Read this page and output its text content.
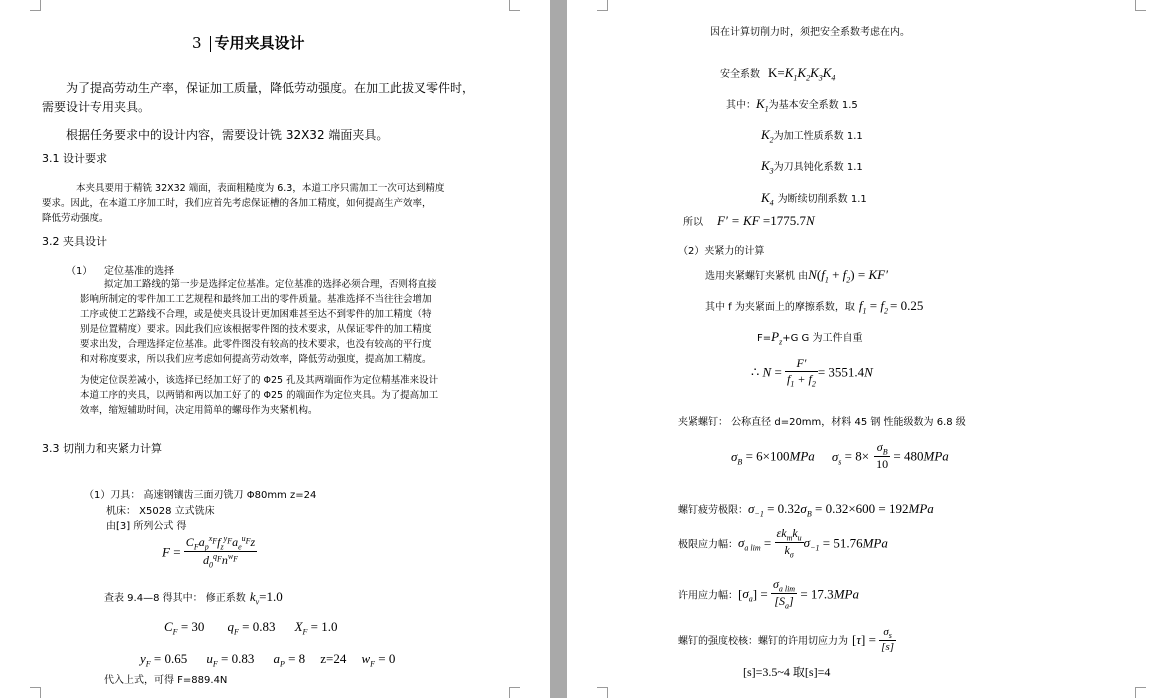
3 专用夹具设计
为了提高劳动生产率，保证加工质量，降低劳动强度。在加工此拔叉零件时，
需要设计专用夹具。
根据任务要求中的设计内容，需要设计铣 32X32 端面夹具。
3.1 设计要求
本夹具要用于精铣 32X32 端面，表面粗糙度为 6.3，本道工序只需加工一次可达到精度
要求。因此，在本道工序加工时，我们应首先考虑保证槽的各加工精度，如何提高生产效率，
降低劳动强度。
3.2 夹具设计
（1） 定位基准的选择
拟定加工路线的第一步是选择定位基准。定位基准的选择必须合理，否则将直接
影响所制定的零件加工工艺规程和最终加工出的零件质量。基准选择不当往往会增加
工序或使工艺路线不合理，或是使夹具设计更加困难甚至达不到零件的加工精度（特
别是位置精度）要求。因此我们应该根据零件图的技术要求，从保证零件的加工精度
要求出发，合理选择定位基准。此零件图没有较高的技术要求，也没有较高的平行度
和对称度要求，所以我们应考虑如何提高劳动效率，降低劳动强度，提高加工精度。
为使定位误差减小，该选择已经加工好了的 Φ25 孔及其两端面作为定位精基准来设计
本道工序的夹具，以两销和两以加工好了的 Φ25 的端面作为定位夹具。为了提高加工
效率，缩短辅助时间，决定用简单的螺母作为夹紧机构。
3.3 切削力和夹紧力计算
（1）刀具： 高速钢镶齿三面刃铣刀 Φ80mm z=24
机床： X5028 立式铣床
由[3] 所列公式 得
$F = \frac{C_Fa_p^{x_F}f_z^{y_F}a_e^{u_F}z}{d_0^{q_F}n^{w_F}}$
查表 9.4—8 得其中： 修正系数 $k_v=1.0$
$C_F = 30$ $q_F = 0.83$ $X_F = 1.0$
$y_F = 0.65$ $u_F = 0.83$ $a_P = 8$ z=24 $w_F = 0$
代入上式，可得 F=889.4N
因在计算切削力时，须把安全系数考虑在内。
安全系数 $K=K_1K_2K_3K_4$
其中：$K_1$为基本安全系数 1.5
$K_2$为加工性质系数 1.1
$K_3$为刀具钝化系数 1.1
$K_4$ 为断续切削系数 1.1
所以 F′ = KF =1775.7N
（2）夹紧力的计算
选用夹紧螺钉夹紧机 由$N(f_1 + f_2) = KF'$
其中 f 为夹紧面上的摩擦系数，取 $f_1 = f_2 = 0.25$
$F=P_z+G$ G 为工件自重
∴ $N = \frac{F'}{f_1 + f_2} = 3551.4N$
夹紧螺钉： 公称直径 d=20mm，材料 45 钢 性能级数为 6.8 级
$\sigma_B = 6\times 100MPa$ $\sigma_s = 8\times \frac{\sigma_B}{10} = 480MPa$
螺钉疲劳极限：$\sigma_{-1} = 0.32\sigma_B = 0.32\times 600 = 192MPa$
极限应力幅：$\sigma_{a lim} = \frac{\varepsilon k_mk_u}{k_\sigma} \sigma_{-1} = 51.76MPa$
许用应力幅：$[\sigma_a] = \frac{\sigma_{a lim}}{[S_a]} = 17.3MPa$
螺钉的强度校核：螺钉的许用切应力为 $[\tau] = \frac{\sigma_s}{[s]}$
[s]=3.5~4 取[s]=4
